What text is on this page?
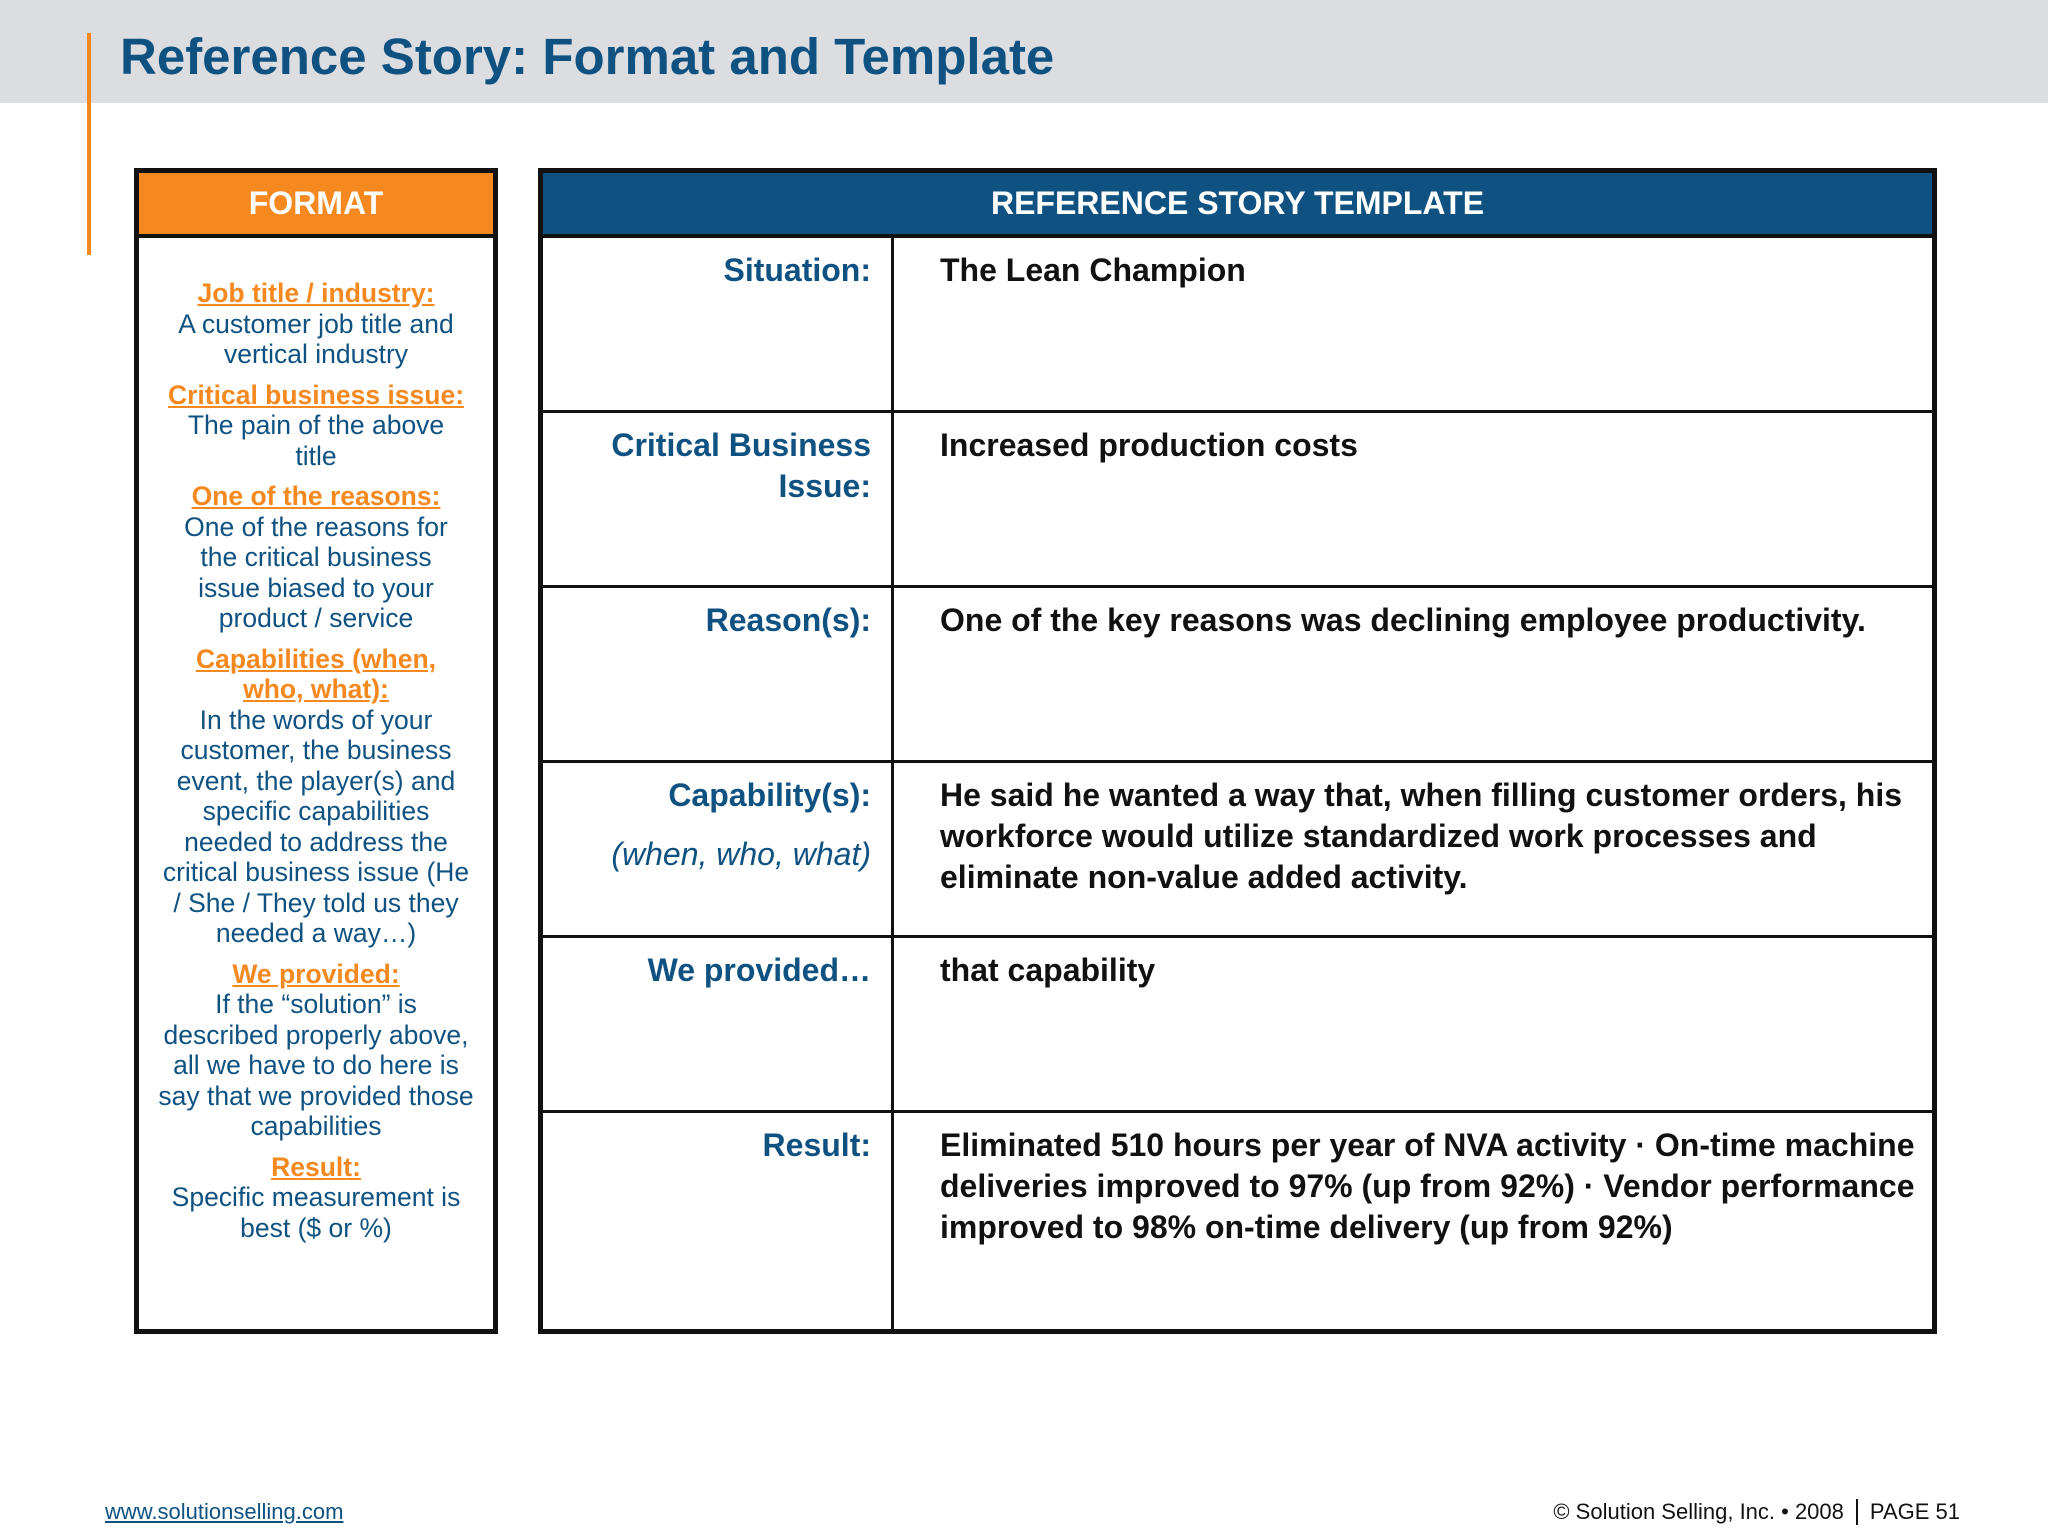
Reference Story: Format and Template
FORMAT
Job title / industry:
A customer job title and vertical industry
Critical business issue:
The pain of the above title
One of the reasons:
One of the reasons for the critical business issue biased to your product / service
Capabilities (when, who, what):
In the words of your customer, the business event, the player(s) and specific capabilities needed to address the critical business issue (He / She / They told us they needed a way…)
We provided:
If the “solution” is described properly above, all we have to do here is say that we provided those capabilities
Result:
Specific measurement is best ($ or %)
REFERENCE STORY TEMPLATE
Situation:	The Lean Champion
Critical Business Issue:
Increased production costs
Reason(s):	One of the key reasons was declining employee productivity.
Capability(s):
(when, who, what)
He said he wanted a way that, when filling customer orders, his workforce would utilize standardized work processes and eliminate non-value added activity.
We provided…	that capability
Result:	Eliminated 510 hours per year of NVA activity · On-time machine deliveries improved to 97% (up from 92%) · Vendor performance improved to 98% on-time delivery (up from 92%)
www.solutionselling.com	© Solution Selling, Inc. • 2008 PAGE 51
